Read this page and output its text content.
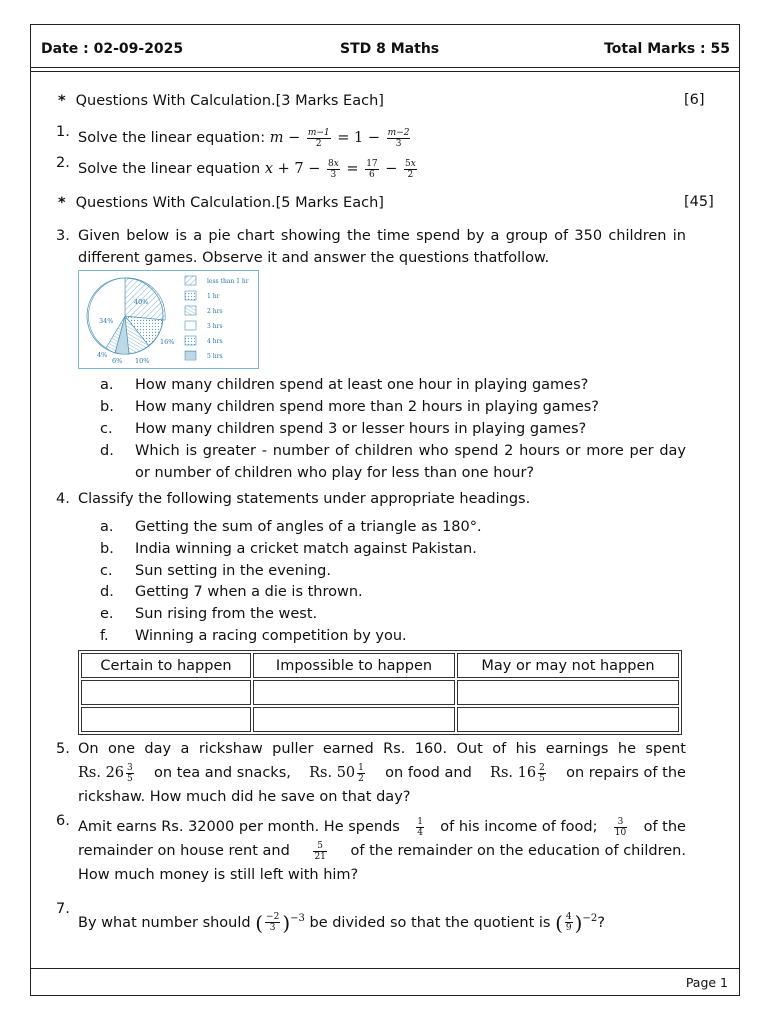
Date : 02-09-2025	STD 8 Maths	Total Marks : 55
* Questions With Calculation.[3 Marks Each]	[6]
1. Solve the linear equation: $m - \frac{m-1}{2} = 1 - \frac{m-2}{3}$
2. Solve the linear equation $x + 7 - \frac{8x}{3} = \frac{17}{6} - \frac{5x}{2}$
* Questions With Calculation.[5 Marks Each]	[45]
3. Given below is a pie chart showing the time spend by a group of 350 children in different games. Observe it and answer the questions thatfollow.
40%
34%
16%
4%
6% 10%
less than 1 hr
1 hr
2 hrs
3 hrs
4 hrs
5 hrs
a. How many children spend at least one hour in playing games?
b. How many children spend more than 2 hours in playing games?
c. How many children spend 3 or lesser hours in playing games?
d. Which is greater - number of children who spend 2 hours or more per day or number of children who play for less than one hour?
4. Classify the following statements under appropriate headings.
a. Getting the sum of angles of a triangle as 180°.
b. India winning a cricket match against Pakistan.
c. Sun setting in the evening.
d. Getting 7 when a die is thrown.
e. Sun rising from the west.
f. Winning a racing competition by you.
Certain to happen	Impossible to happen	May or may not happen

5. On one day a rickshaw puller earned Rs. 160. Out of his earnings he spent
Rs. $26 \frac{3}{5}$ on tea and snacks, Rs. $50 \frac{1}{2}$ on food and Rs. $16 \frac{2}{5}$ on repairs of the
rickshaw. How much did he save on that day?
6. Amit earns Rs. 32000 per month. He spends $\frac{1}{4}$ of his income of food; $\frac{3}{10}$ of the
remainder on house rent and	$\frac{5}{21}$ of the remainder on the education of children.
How much money is still left with him?
7.
By what number should ( $\frac{-2}{3} )^{-3}$ be divided so that the quotient is ( $\frac{4}{9} )^{-2}$?
Page 1
